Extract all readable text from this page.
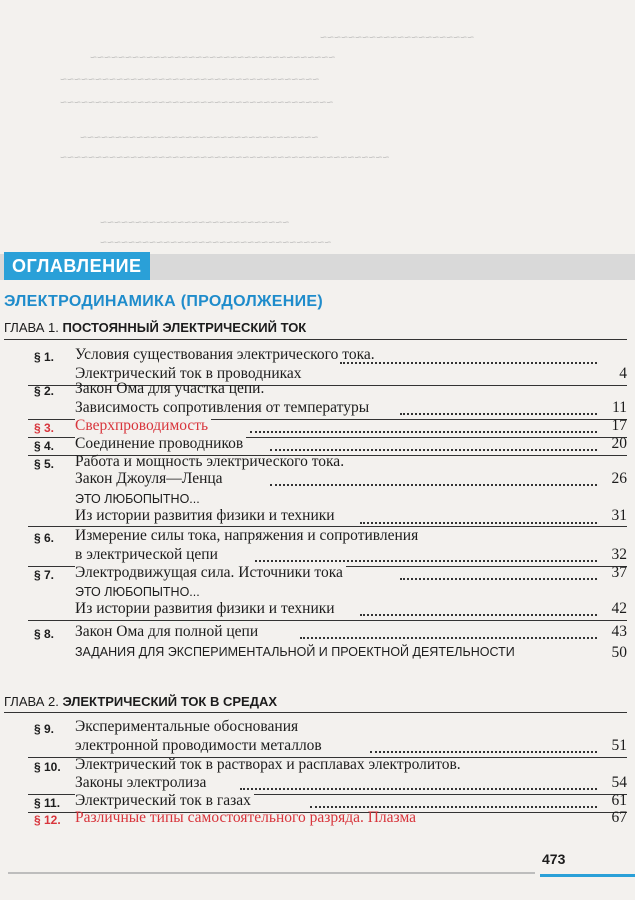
~~~~~~~~~~~~~~~~~~~~~~
~~~~~~~~~~~~~~~~~~~~~~~~~~~~~~~~~~~
~~~~~~~~~~~~~~~~~~~~~~~~~~~~~~~~~~~~~
~~~~~~~~~~~~~~~~~~~~~~~~~~~~~~~~~~~~~~~
~~~~~~~~~~~~~~~~~~~~~~~~~~~~~~~~~~
~~~~~~~~~~~~~~~~~~~~~~~~~~~~~~~~~~~~~~~~~~~~~~~
~~~~~~~~~~~~~~~~~~~~~~~~~~~
~~~~~~~~~~~~~~~~~~~~~~~~~~~~~~~~~
ОГЛАВЛЕНИЕ
ЭЛЕКТРОДИНАМИКА (ПРОДОЛЖЕНИЕ)
ГЛАВА 1. ПОСТОЯННЫЙ ЭЛЕКТРИЧЕСКИЙ ТОК
§ 1. Условия существования электрического тока.
Электрический ток в проводниках	4
§ 2. Закон Ома для участка цепи.
Зависимость сопротивления от температуры	11
§ 3. Сверхпроводимость	17
§ 4. Соединение проводников	20
§ 5. Работа и мощность электрического тока.
Закон Джоуля—Ленца	26
ЭТО ЛЮБОПЫТНО...
Из истории развития физики и техники	31
§ 6. Измерение силы тока, напряжения и сопротивления
в электрической цепи	32
§ 7. Электродвижущая сила. Источники тока	37
ЭТО ЛЮБОПЫТНО...
Из истории развития физики и техники	42
§ 8. Закон Ома для полной цепи	43
ЗАДАНИЯ ДЛЯ ЭКСПЕРИМЕНТАЛЬНОЙ И ПРОЕКТНОЙ ДЕЯТЕЛЬНОСТИ	50
ГЛАВА 2. ЭЛЕКТРИЧЕСКИЙ ТОК В СРЕДАХ
§ 9. Экспериментальные обоснования
электронной проводимости металлов	51
§ 10. Электрический ток в растворах и расплавах электролитов.
Законы электролиза	54
§ 11. Электрический ток в газах	61
§ 12. Различные типы самостоятельного разряда. Плазма	67
473
